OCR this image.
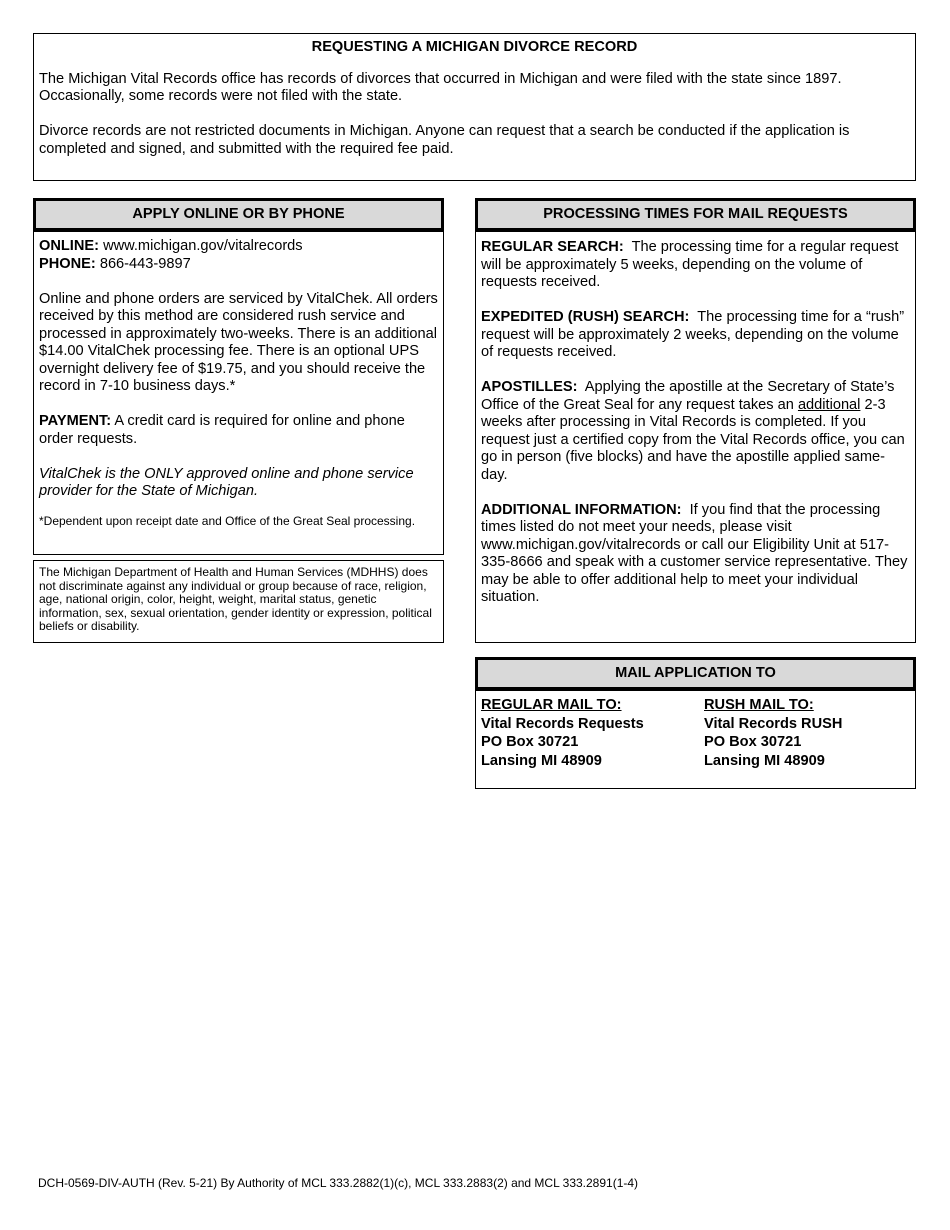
REQUESTING A MICHIGAN DIVORCE RECORD

The Michigan Vital Records office has records of divorces that occurred in Michigan and were filed with the state since 1897. Occasionally, some records were not filed with the state.

Divorce records are not restricted documents in Michigan. Anyone can request that a search be conducted if the application is completed and signed, and submitted with the required fee paid.

APPLY ONLINE OR BY PHONE

ONLINE: www.michigan.gov/vitalrecords

PHONE: 866-443-9897

Online and phone orders are serviced by VitalChek. All orders received by this method are considered rush service and processed in approximately two-weeks. There is an additional $14.00 VitalChek processing fee. There is an optional UPS overnight delivery fee of $19.75, and you should receive the record in 7-10 business days.*

PAYMENT: A credit card is required for online and phone order requests.

VitalChek is the ONLY approved online and phone service provider for the State of Michigan.

*Dependent upon receipt date and Office of the Great Seal processing.

The Michigan Department of Health and Human Services (MDHHS) does not discriminate against any individual or group because of race, religion, age, national origin, color, height, weight, marital status, genetic information, sex, sexual orientation, gender identity or expression, political beliefs or disability.

PROCESSING TIMES FOR MAIL REQUESTS

REGULAR SEARCH: The processing time for a regular request will be approximately 5 weeks, depending on the volume of requests received.

EXPEDITED (RUSH) SEARCH: The processing time for a “rush” request will be approximately 2 weeks, depending on the volume of requests received.

APOSTILLES: Applying the apostille at the Secretary of State’s Office of the Great Seal for any request takes an additional 2-3 weeks after processing in Vital Records is completed. If you request just a certified copy from the Vital Records office, you can go in person (five blocks) and have the apostille applied same-day.

ADDITIONAL INFORMATION: If you find that the processing times listed do not meet your needs, please visit www.michigan.gov/vitalrecords or call our Eligibility Unit at 517-335-8666 and speak with a customer service representative. They may be able to offer additional help to meet your individual situation.

MAIL APPLICATION TO
REGULAR MAIL TO:
Vital Records Requests
PO Box 30721
Lansing MI 48909
RUSH MAIL TO:
Vital Records RUSH
PO Box 30721
Lansing MI 48909
DCH-0569-DIV-AUTH (Rev. 5-21) By Authority of MCL 333.2882(1)(c), MCL 333.2883(2) and MCL 333.2891(1-4)
